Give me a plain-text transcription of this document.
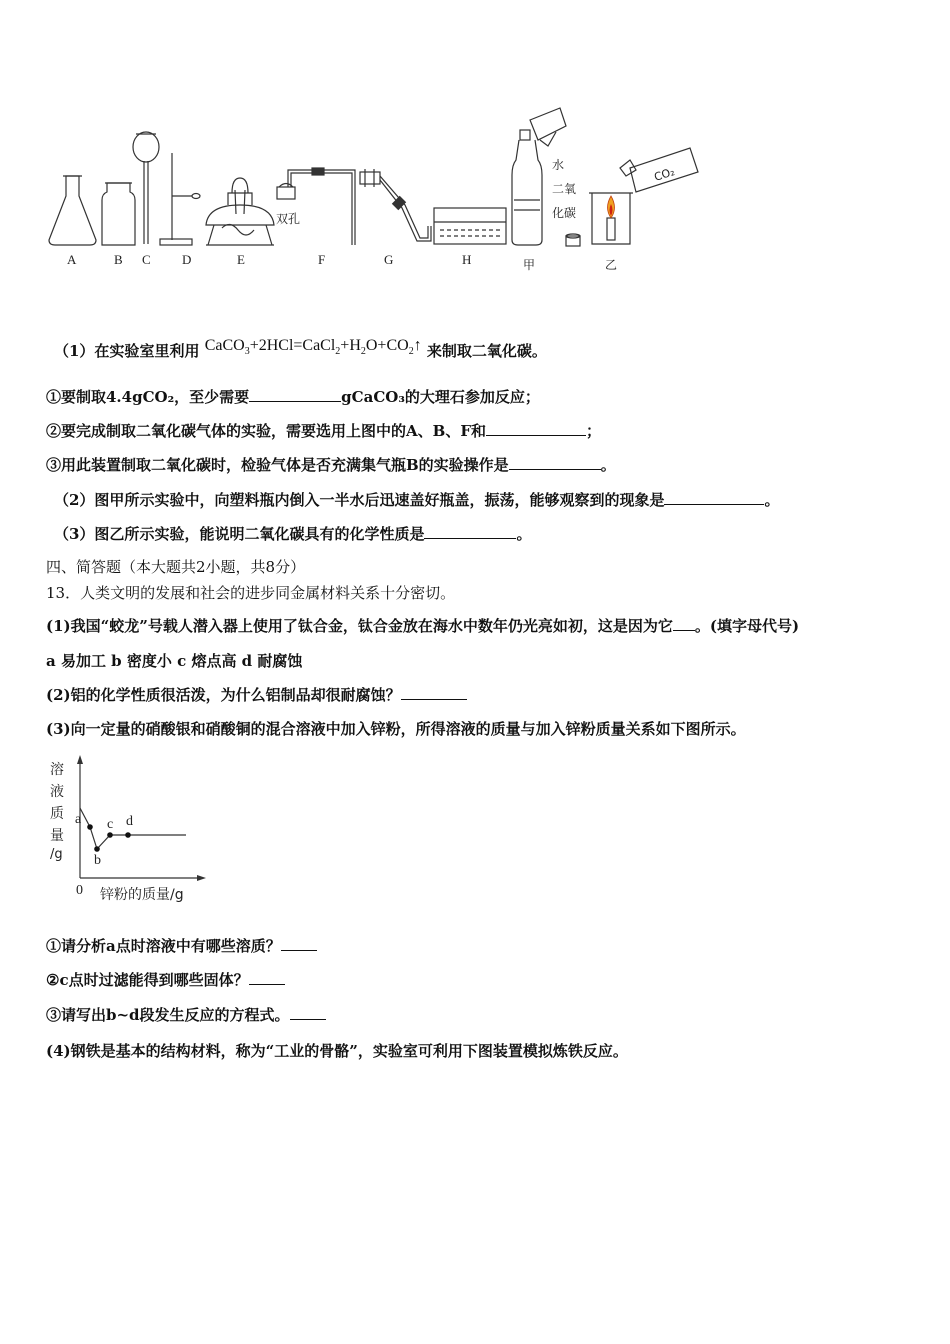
A	B C D	E	F	G	H	甲	乙
双孔
水
二氧
化碳
CO₂
（1）在实验室里利用 $CaCO_3+2HCl=CaCl_2+H_2O+CO_2↑$ 来制取二氧化碳。
①要制取4.4gCO₂，至少需要	gCaCO₃的大理石参加反应；
②要完成制取二氧化碳气体的实验，需要选用上图中的A、B、F和	；
③用此装置制取二氧化碳时，检验气体是否充满集气瓶B的实验操作是	。
（2）图甲所示实验中，向塑料瓶内倒入一半水后迅速盖好瓶盖，振荡，能够观察到的现象是	。
（3）图乙所示实验，能说明二氧化碳具有的化学性质是	。
四、简答题（本大题共2小题，共8分）
13．人类文明的发展和社会的进步同金属材料关系十分密切。
(1)我国“蛟龙”号载人潜入器上使用了钛合金，钛合金放在海水中数年仍光亮如初，这是因为它 。(填字母代号)
a 易加工 b 密度小 c 熔点高 d 耐腐蚀
(2)铝的化学性质很活泼，为什么铝制品却很耐腐蚀？
(3)向一定量的硝酸银和硝酸铜的混合溶液中加入锌粉，所得溶液的质量与加入锌粉质量关系如下图所示。
溶
液
质
量
/g
a
b
c d
0 锌粉的质量/g
①请分析a点时溶液中有哪些溶质？
②c点时过滤能得到哪些固体？
③请写出b~d段发生反应的方程式。
(4)钢铁是基本的结构材料，称为“工业的骨骼”，实验室可利用下图装置模拟炼铁反应。
